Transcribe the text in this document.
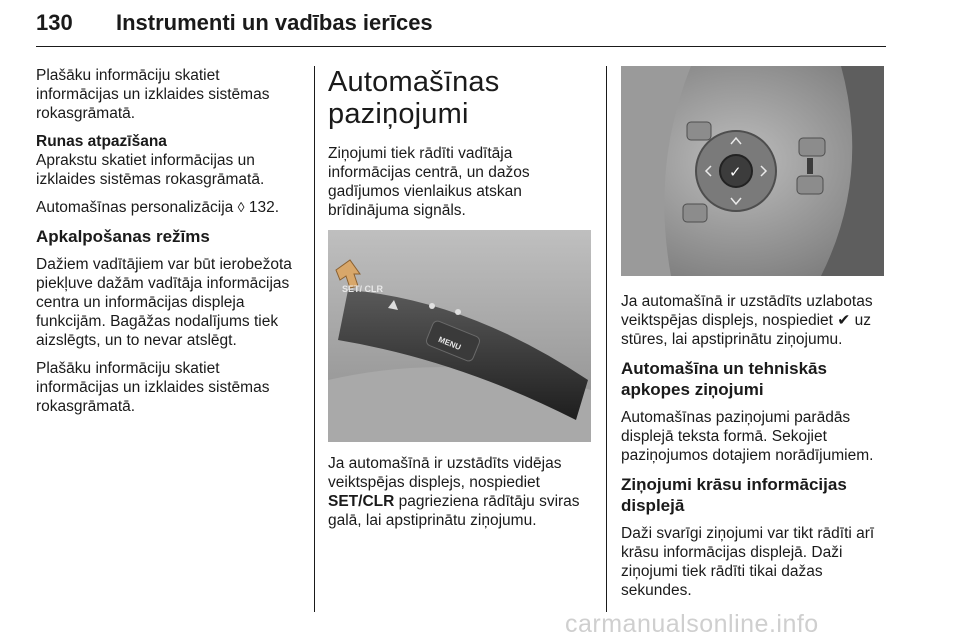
130 Instrumenti un vadības ierīces

Plašāku informāciju skatiet informācijas un izklaides sistēmas rokasgrāmatā.

Runas atpazīšana

Aprakstu skatiet informācijas un izklaides sistēmas rokasgrāmatā.

Automašīnas personalizācija ◊ 132.

Apkalpošanas režīms

Dažiem vadītājiem var būt ierobežota piekļuve dažām vadītāja informācijas centra un informācijas displeja funkcijām. Bagāžas nodalījums tiek aizslēgts, un to nevar atslēgt.

Plašāku informāciju skatiet informācijas un izklaides sistēmas rokasgrāmatā.

Automašīnas paziņojumi

Ziņojumi tiek rādīti vadītāja informācijas centrā, un dažos gadījumos vienlaikus atskan brīdinājuma signāls.

SET/ CLR
MENU

Ja automašīnā ir uzstādīts vidējas veiktspējas displejs, nospiediet SET/CLR pagrieziena rādītāju sviras galā, lai apstiprinātu ziņojumu.

✓

Ja automašīnā ir uzstādīts uzlabotas veiktspējas displejs, nospiediet ✔ uz stūres, lai apstiprinātu ziņojumu.

Automašīna un tehniskās apkopes ziņojumi

Automašīnas paziņojumi parādās displejā teksta formā. Sekojiet paziņojumos dotajiem norādījumiem.

Ziņojumi krāsu informācijas displejā

Daži svarīgi ziņojumi var tikt rādīti arī krāsu informācijas displejā. Daži ziņojumi tiek rādīti tikai dažas sekundes.

carmanualsonline.info
